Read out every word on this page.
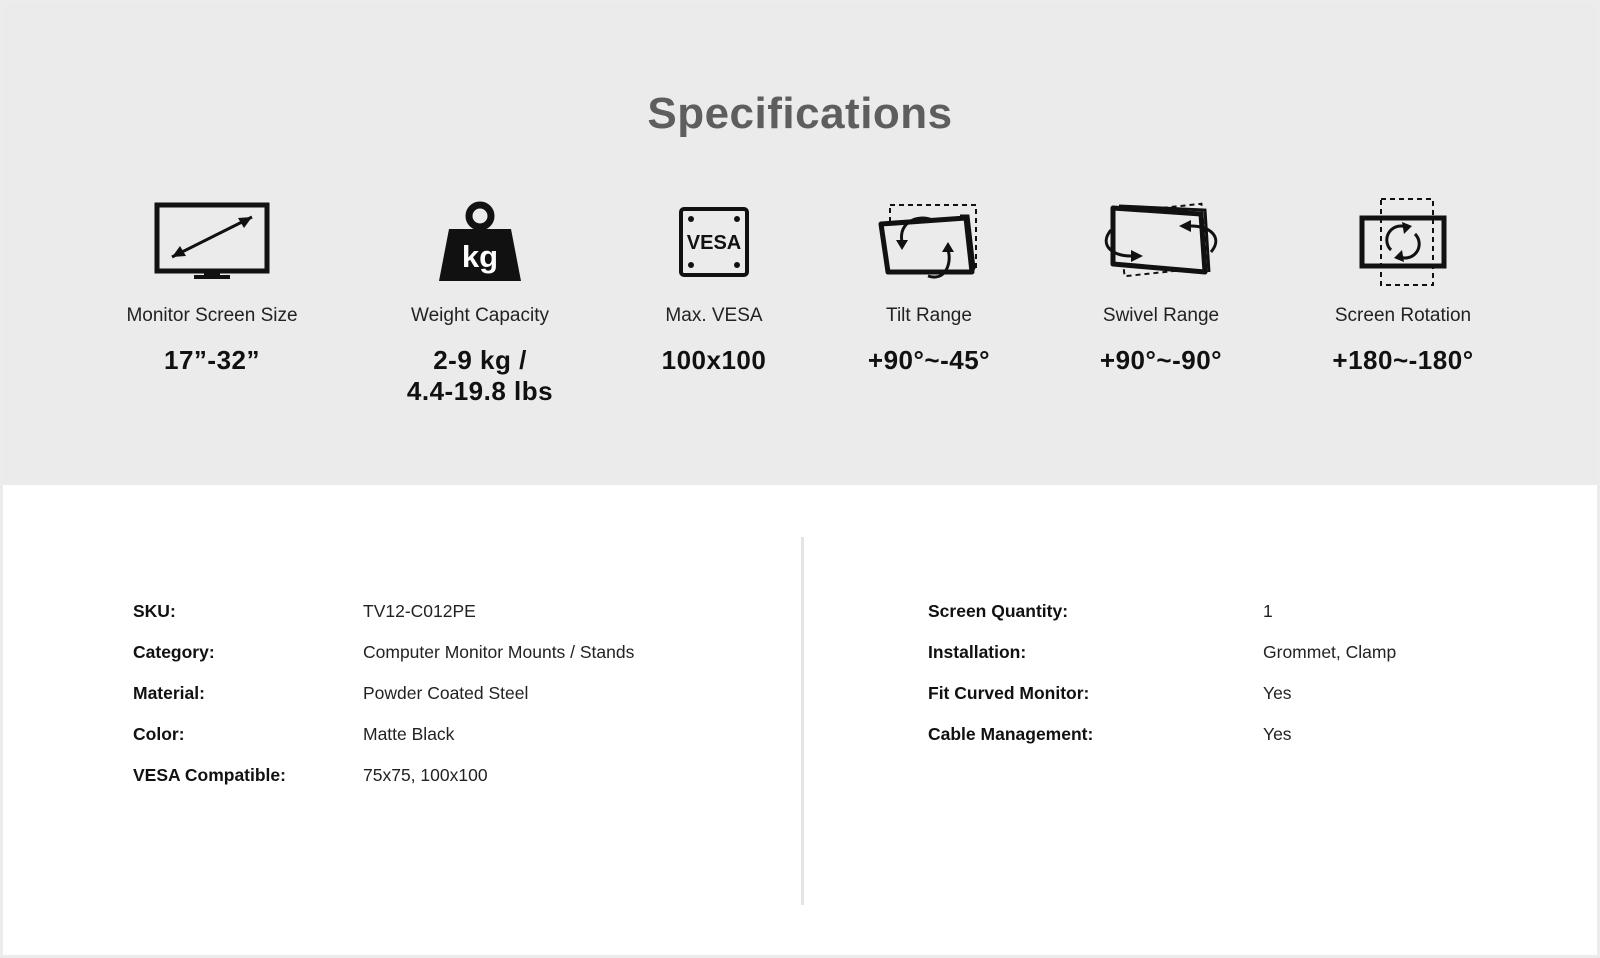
Specifications
Monitor Screen Size
17”-32”
kg
Weight Capacity
2-9 kg /
4.4-19.8 lbs
VESA
Max. VESA
100x100
Tilt Range
+90°~-45°
Swivel Range
+90°~-90°
Screen Rotation
+180~-180°
SKU:	TV12-C012PE
Category:	Computer Monitor Mounts / Stands
Material:	Powder Coated Steel
Color:	Matte Black
VESA Compatible:	75x75, 100x100
Screen Quantity:	1
Installation:	Grommet, Clamp
Fit Curved Monitor:	Yes
Cable Management:	Yes
